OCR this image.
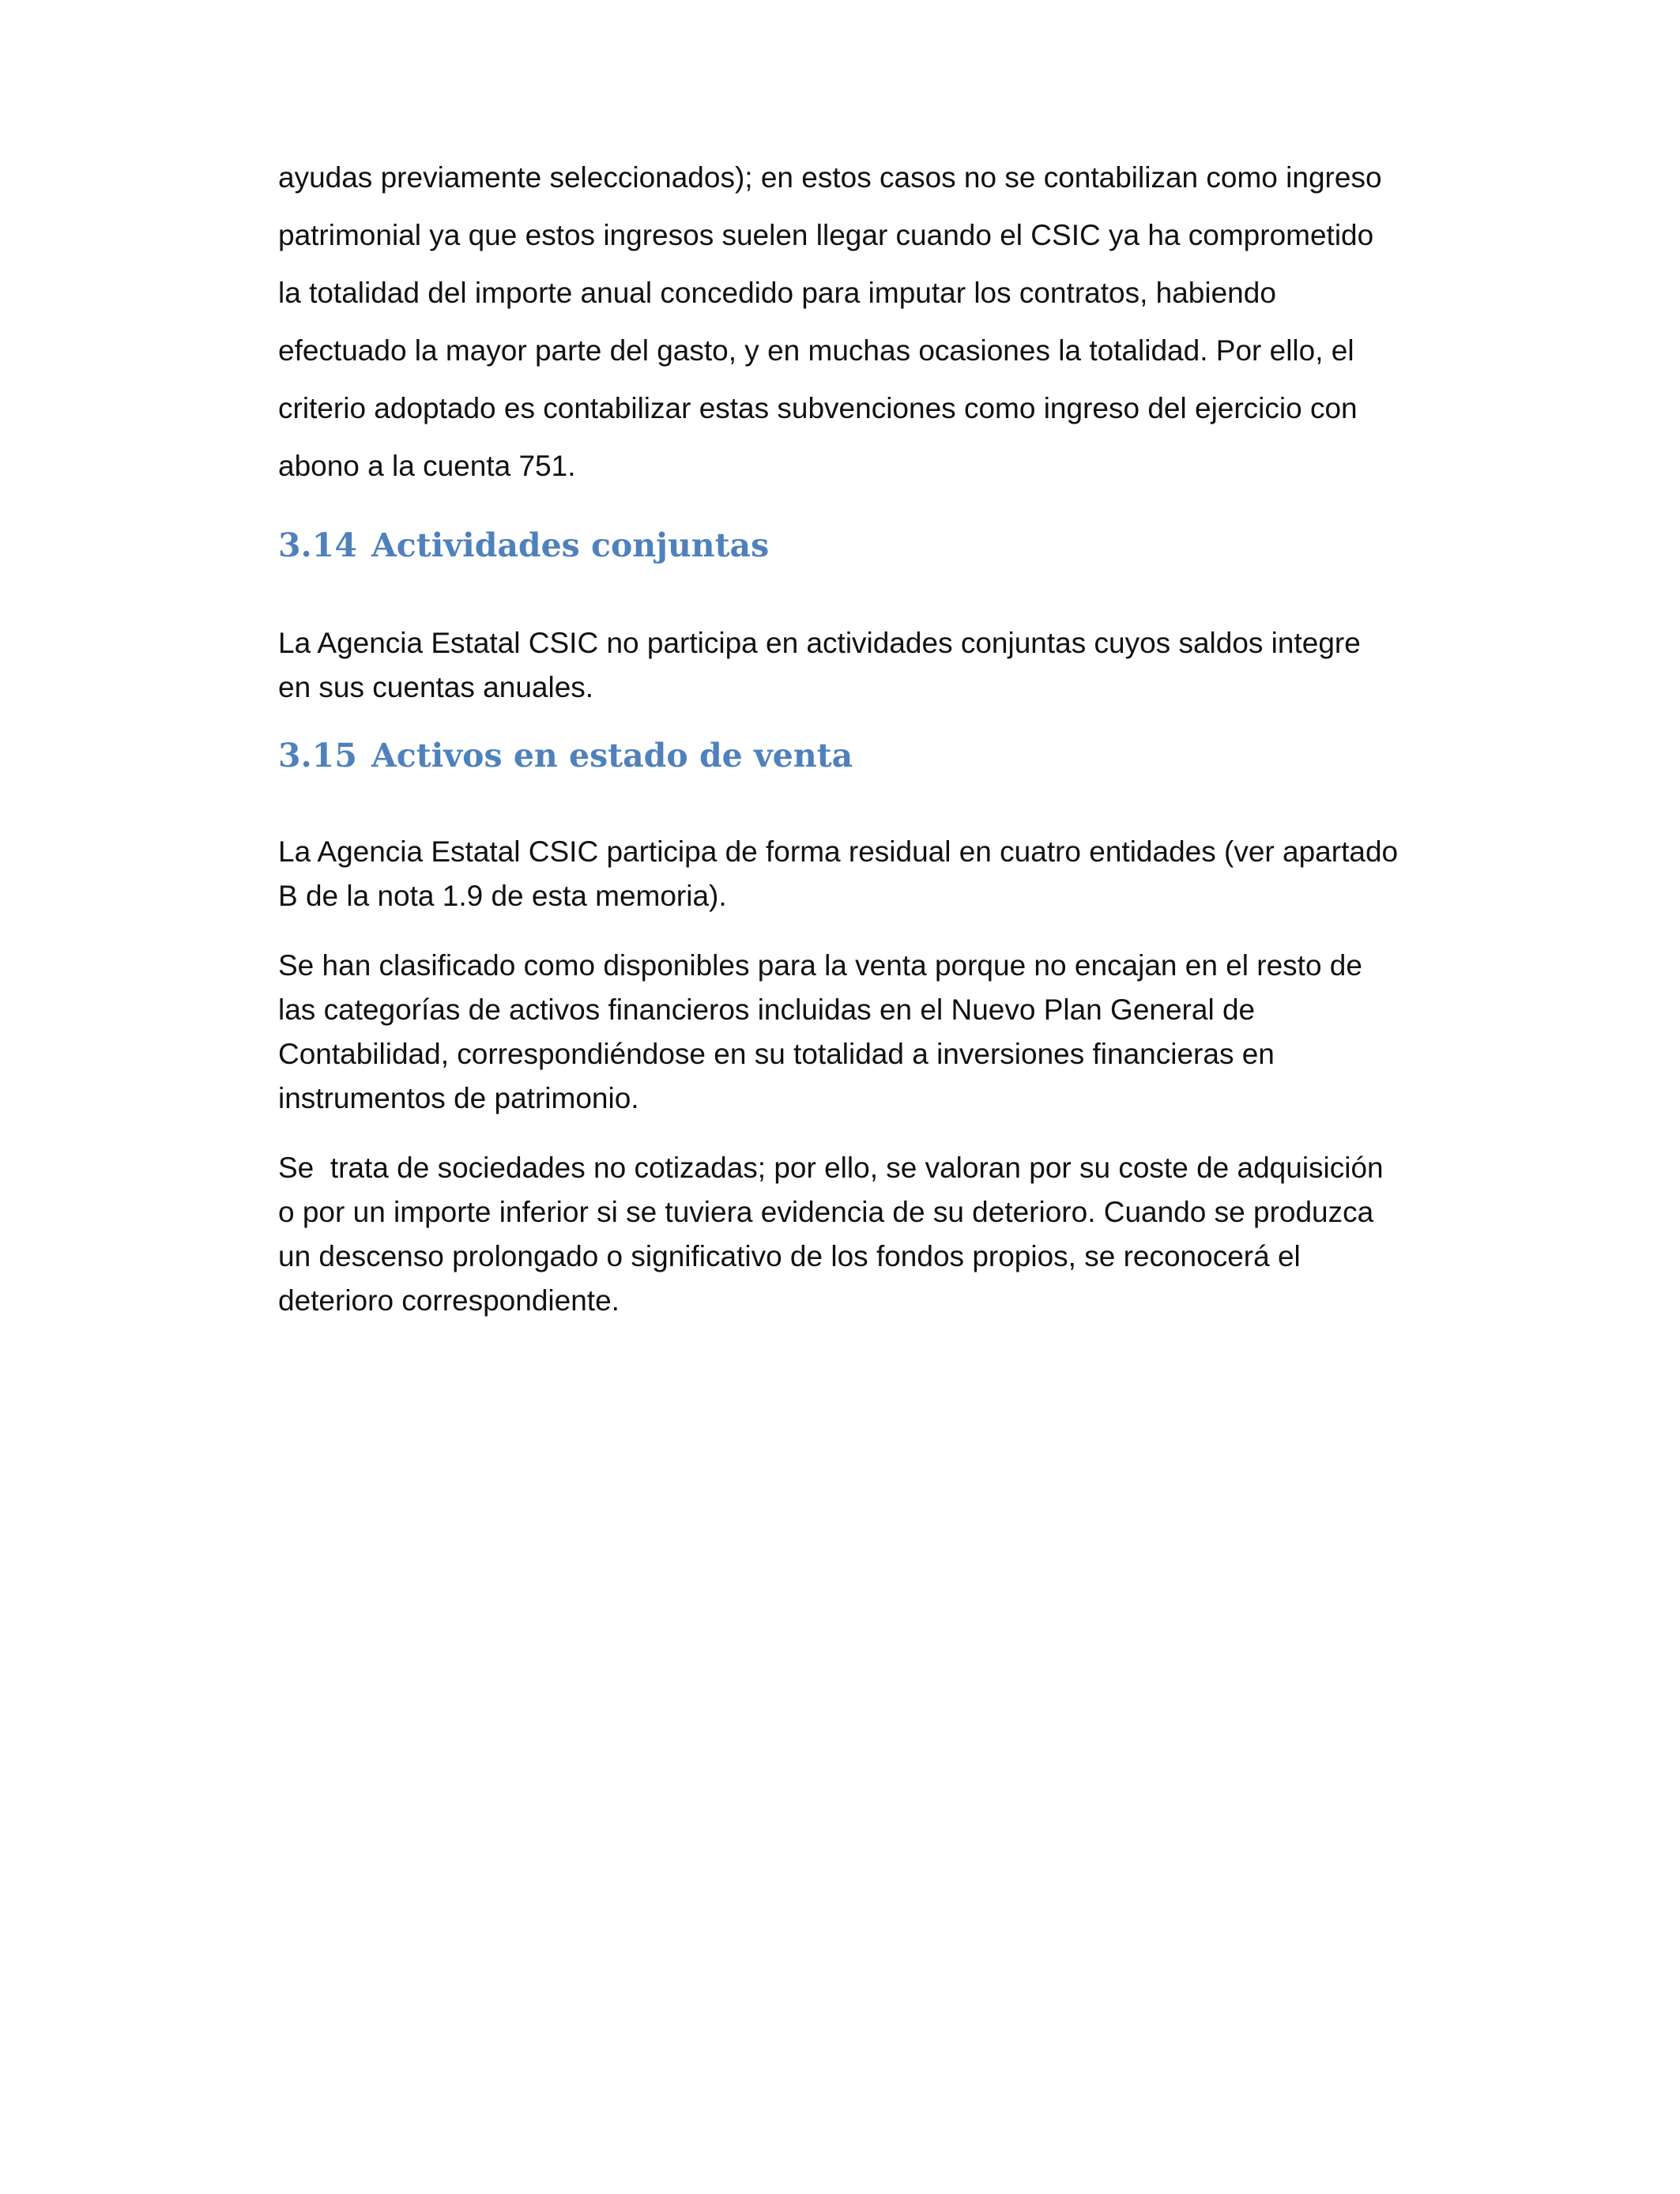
ayudas previamente seleccionados); en estos casos no se contabilizan como ingreso patrimonial ya que estos ingresos suelen llegar cuando el CSIC ya ha comprometido la totalidad del importe anual concedido para imputar los contratos, habiendo efectuado la mayor parte del gasto, y en muchas ocasiones la totalidad. Por ello, el criterio adoptado es contabilizar estas subvenciones como ingreso del ejercicio con abono a la cuenta 751.

3.14 Actividades conjuntas

La Agencia Estatal CSIC no participa en actividades conjuntas cuyos saldos integre en sus cuentas anuales.

3.15 Activos en estado de venta

La Agencia Estatal CSIC participa de forma residual en cuatro entidades (ver apartado B de la nota 1.9 de esta memoria).

Se han clasificado como disponibles para la venta porque no encajan en el resto de las categorías de activos financieros incluidas en el Nuevo Plan General de Contabilidad, correspondiéndose en su totalidad a inversiones financieras en instrumentos de patrimonio.

Se  trata de sociedades no cotizadas; por ello, se valoran por su coste de adquisición o por un importe inferior si se tuviera evidencia de su deterioro. Cuando se produzca un descenso prolongado o significativo de los fondos propios, se reconocerá el deterioro correspondiente.
